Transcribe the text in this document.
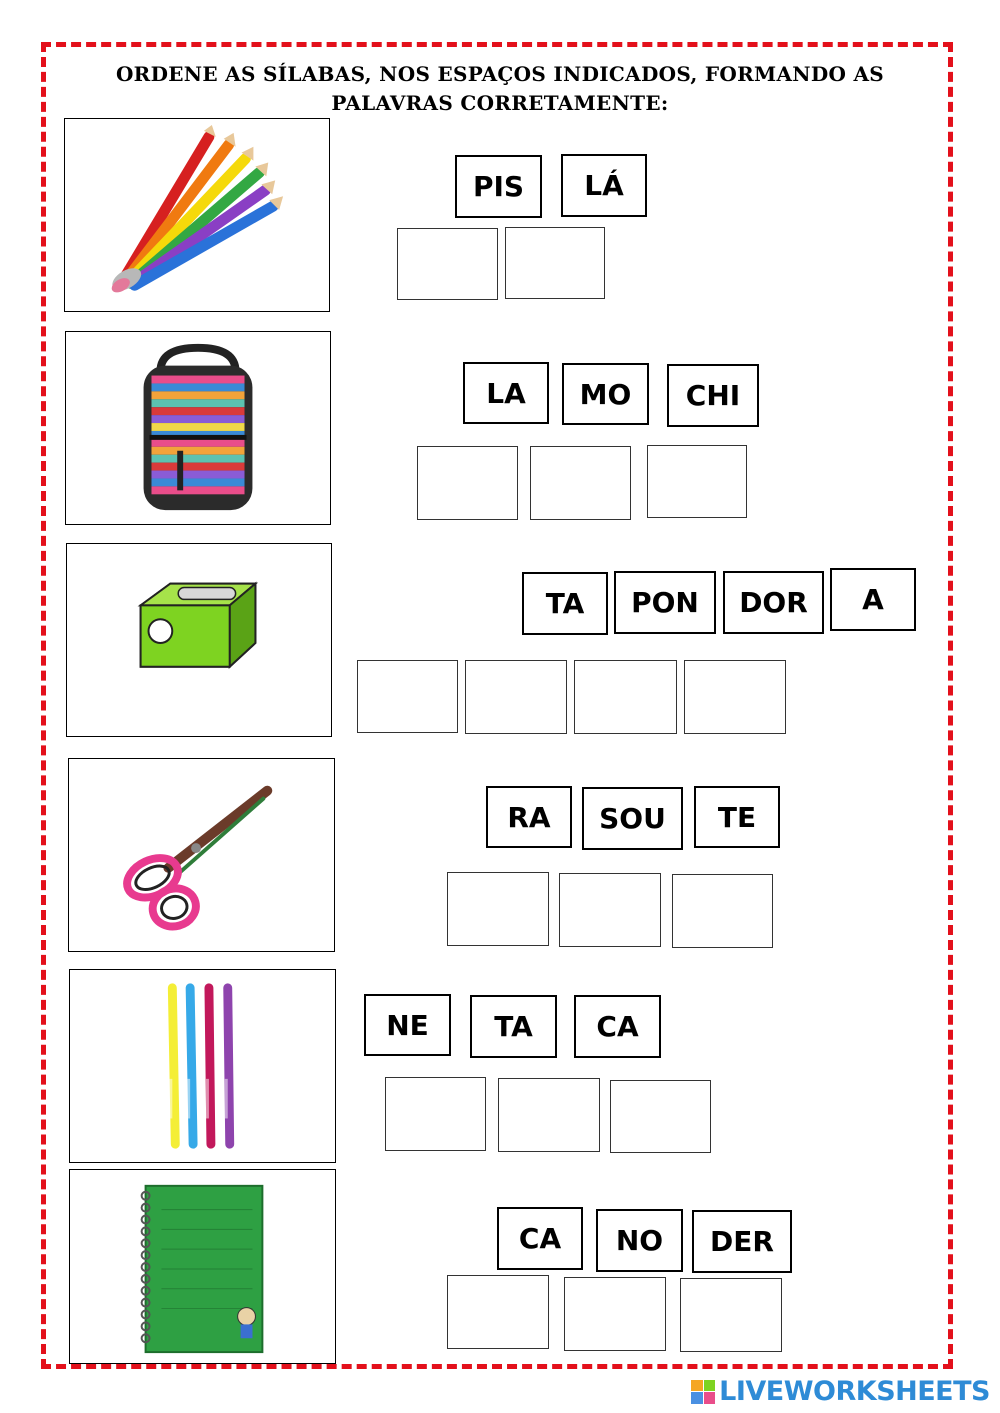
ORDENE AS SÍLABAS, NOS ESPAÇOS INDICADOS, FORMANDO AS
PALAVRAS CORRETAMENTE:
PIS	LÁ
LA	MO	CHI
TA	PON	DOR	A
RA	SOU	TE
NE	TA	CA
CA	NO	DER
LIVEWORKSHEETS
